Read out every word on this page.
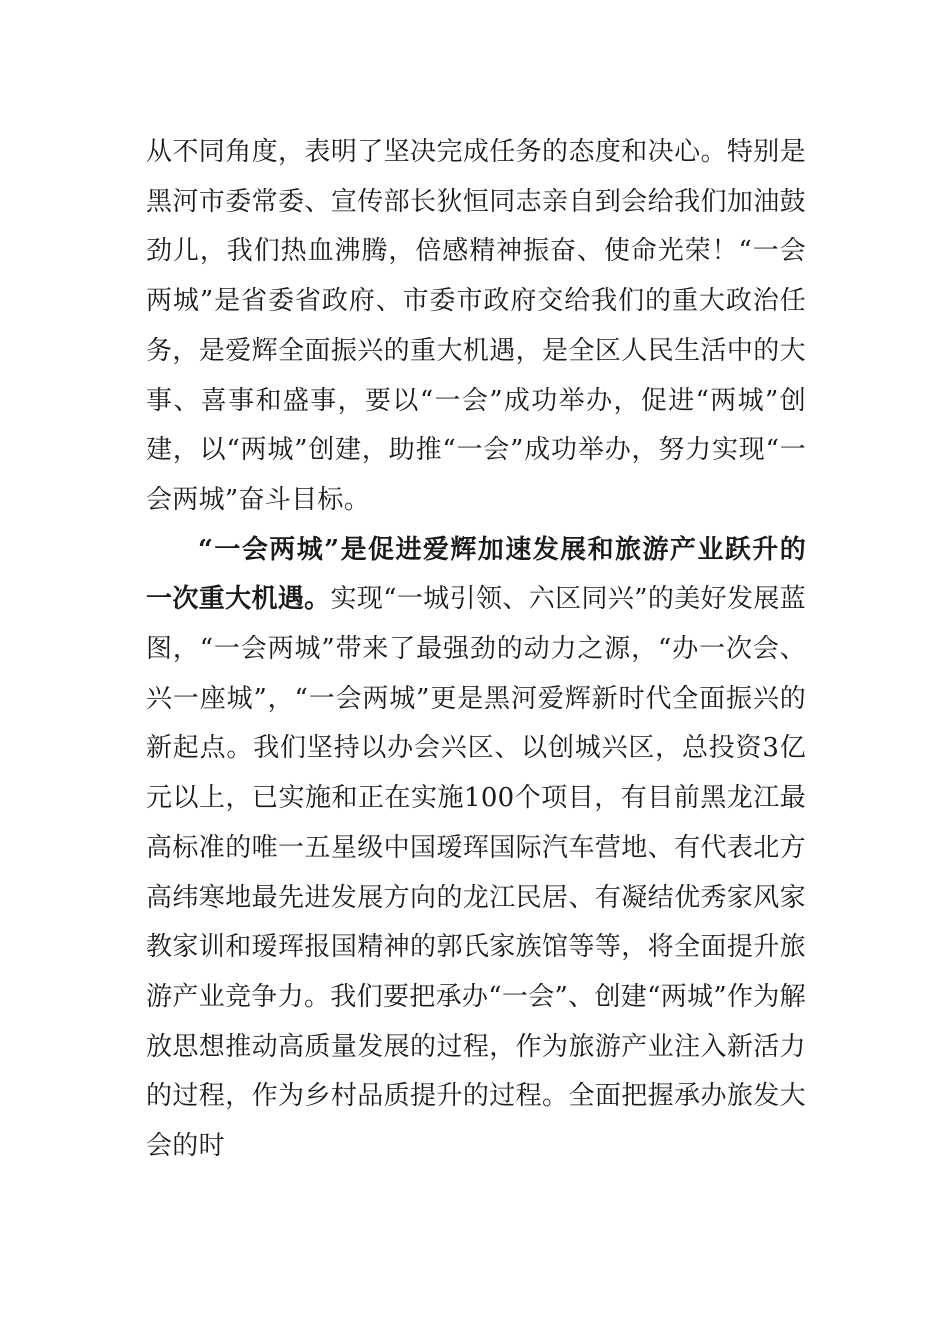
从不同角度，表明了坚决完成任务的态度和决心。特别是黑河市委常委、宣传部长狄恒同志亲自到会给我们加油鼓劲儿，我们热血沸腾，倍感精神振奋、使命光荣！“一会两城”是省委省政府、市委市政府交给我们的重大政治任务，是爱辉全面振兴的重大机遇，是全区人民生活中的大事、喜事和盛事，要以“一会”成功举办，促进“两城”创建，以“两城”创建，助推“一会”成功举办，努力实现“一会两城”奋斗目标。

“一会两城”是促进爱辉加速发展和旅游产业跃升的一次重大机遇。实现“一城引领、六区同兴”的美好发展蓝图，“一会两城”带来了最强劲的动力之源，“办一次会、兴一座城”，“一会两城”更是黑河爱辉新时代全面振兴的新起点。我们坚持以办会兴区、以创城兴区，总投资3亿元以上，已实施和正在实施100个项目，有目前黑龙江最高标准的唯一五星级中国瑷珲国际汽车营地、有代表北方高纬寒地最先进发展方向的龙江民居、有凝结优秀家风家教家训和瑷珲报国精神的郭氏家族馆等等，将全面提升旅游产业竞争力。我们要把承办“一会”、创建“两城”作为解放思想推动高质量发展的过程，作为旅游产业注入新活力的过程，作为乡村品质提升的过程。全面把握承办旅发大会的时
